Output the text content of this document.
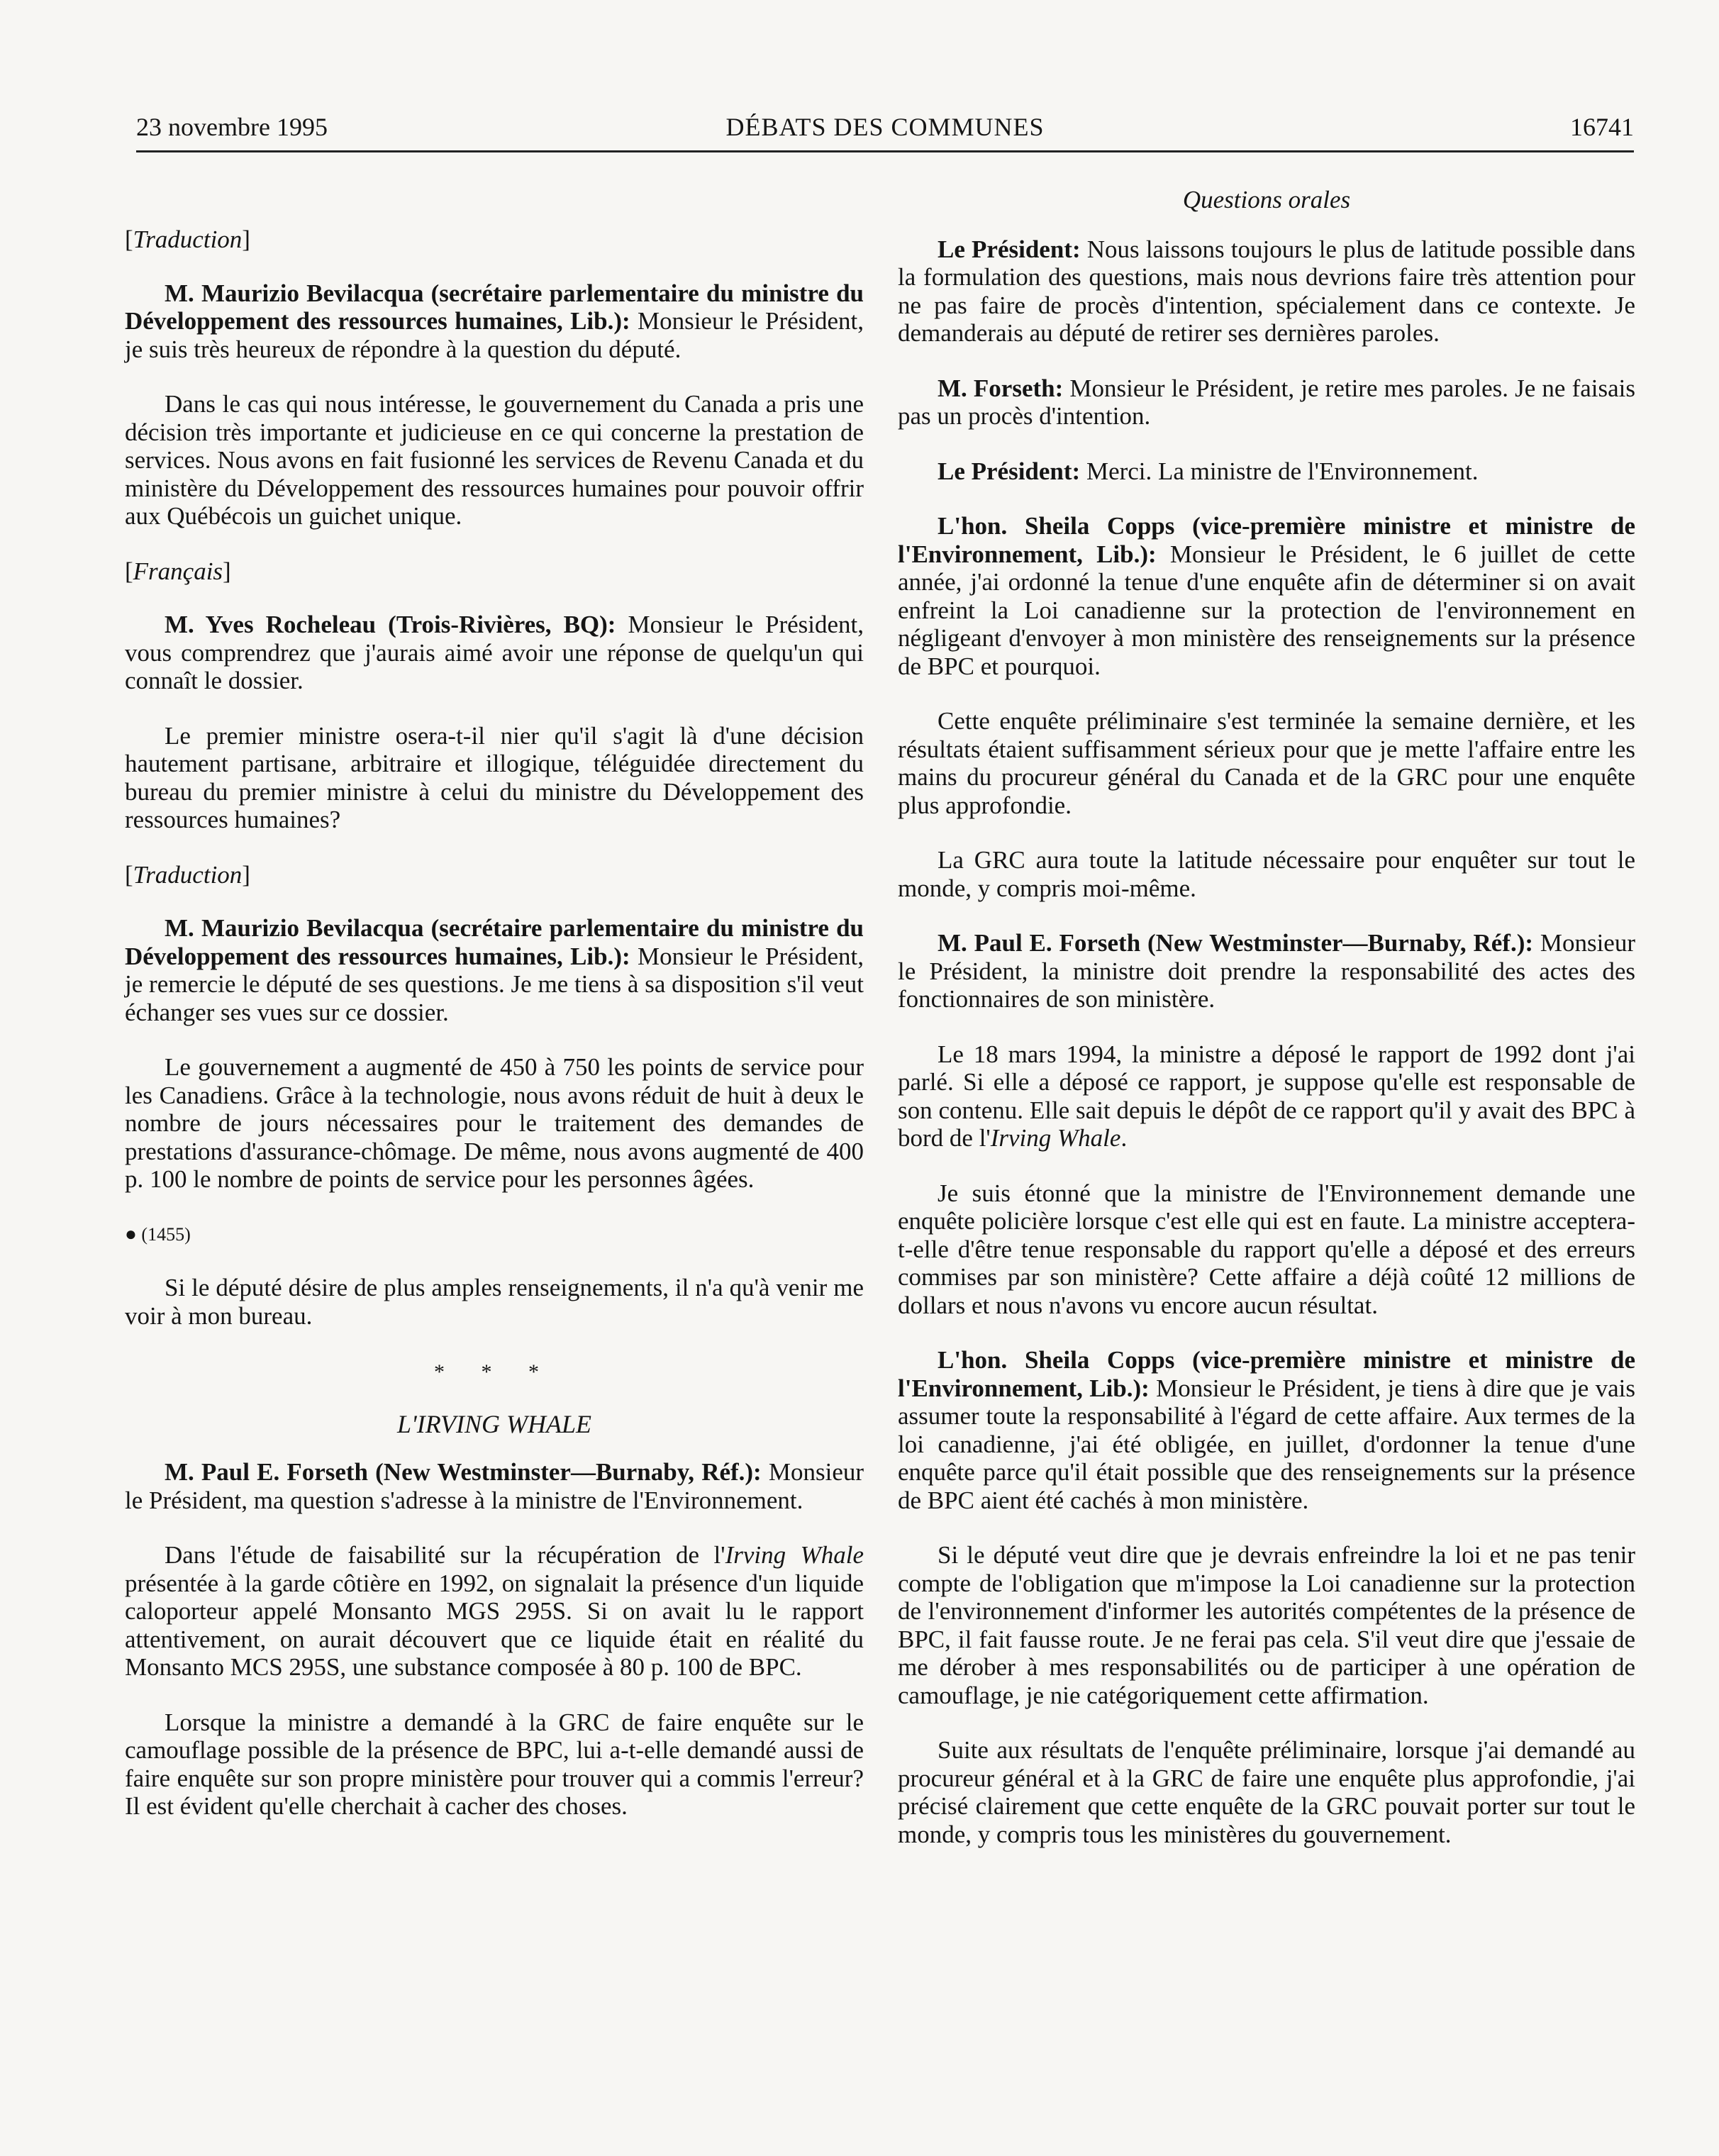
23 novembre 1995	DÉBATS DES COMMUNES	16741
[Traduction]

M. Maurizio Bevilacqua (secrétaire parlementaire du ministre du Développement des ressources humaines, Lib.): Monsieur le Président, je suis très heureux de répondre à la question du député.

Dans le cas qui nous intéresse, le gouvernement du Canada a pris une décision très importante et judicieuse en ce qui concerne la prestation de services. Nous avons en fait fusionné les services de Revenu Canada et du ministère du Développement des ressources humaines pour pouvoir offrir aux Québécois un guichet unique.

[Français]

M. Yves Rocheleau (Trois-Rivières, BQ): Monsieur le Président, vous comprendrez que j'aurais aimé avoir une réponse de quelqu'un qui connaît le dossier.

Le premier ministre osera-t-il nier qu'il s'agit là d'une décision hautement partisane, arbitraire et illogique, téléguidée directement du bureau du premier ministre à celui du ministre du Développement des ressources humaines?

[Traduction]

M. Maurizio Bevilacqua (secrétaire parlementaire du ministre du Développement des ressources humaines, Lib.): Monsieur le Président, je remercie le député de ses questions. Je me tiens à sa disposition s'il veut échanger ses vues sur ce dossier.

Le gouvernement a augmenté de 450 à 750 les points de service pour les Canadiens. Grâce à la technologie, nous avons réduit de huit à deux le nombre de jours nécessaires pour le traitement des demandes de prestations d'assurance-chômage. De même, nous avons augmenté de 400 p. 100 le nombre de points de service pour les personnes âgées.

● (1455)

Si le député désire de plus amples renseignements, il n'a qu'à venir me voir à mon bureau.

* * *
L'IRVING WHALE

M. Paul E. Forseth (New Westminster—Burnaby, Réf.): Monsieur le Président, ma question s'adresse à la ministre de l'Environnement.

Dans l'étude de faisabilité sur la récupération de l'Irving Whale présentée à la garde côtière en 1992, on signalait la présence d'un liquide caloporteur appelé Monsanto MGS 295S. Si on avait lu le rapport attentivement, on aurait découvert que ce liquide était en réalité du Monsanto MCS 295S, une substance composée à 80 p. 100 de BPC.

Lorsque la ministre a demandé à la GRC de faire enquête sur le camouflage possible de la présence de BPC, lui a-t-elle demandé aussi de faire enquête sur son propre ministère pour trouver qui a commis l'erreur? Il est évident qu'elle cherchait à cacher des choses.

Questions orales

Le Président: Nous laissons toujours le plus de latitude possible dans la formulation des questions, mais nous devrions faire très attention pour ne pas faire de procès d'intention, spécialement dans ce contexte. Je demanderais au député de retirer ses dernières paroles.

M. Forseth: Monsieur le Président, je retire mes paroles. Je ne faisais pas un procès d'intention.

Le Président: Merci. La ministre de l'Environnement.

L'hon. Sheila Copps (vice-première ministre et ministre de l'Environnement, Lib.): Monsieur le Président, le 6 juillet de cette année, j'ai ordonné la tenue d'une enquête afin de déterminer si on avait enfreint la Loi canadienne sur la protection de l'environnement en négligeant d'envoyer à mon ministère des renseignements sur la présence de BPC et pourquoi.

Cette enquête préliminaire s'est terminée la semaine dernière, et les résultats étaient suffisamment sérieux pour que je mette l'affaire entre les mains du procureur général du Canada et de la GRC pour une enquête plus approfondie.

La GRC aura toute la latitude nécessaire pour enquêter sur tout le monde, y compris moi-même.

M. Paul E. Forseth (New Westminster—Burnaby, Réf.): Monsieur le Président, la ministre doit prendre la responsabilité des actes des fonctionnaires de son ministère.

Le 18 mars 1994, la ministre a déposé le rapport de 1992 dont j'ai parlé. Si elle a déposé ce rapport, je suppose qu'elle est responsable de son contenu. Elle sait depuis le dépôt de ce rapport qu'il y avait des BPC à bord de l'Irving Whale.

Je suis étonné que la ministre de l'Environnement demande une enquête policière lorsque c'est elle qui est en faute. La ministre acceptera-t-elle d'être tenue responsable du rapport qu'elle a déposé et des erreurs commises par son ministère? Cette affaire a déjà coûté 12 millions de dollars et nous n'avons vu encore aucun résultat.

L'hon. Sheila Copps (vice-première ministre et ministre de l'Environnement, Lib.): Monsieur le Président, je tiens à dire que je vais assumer toute la responsabilité à l'égard de cette affaire. Aux termes de la loi canadienne, j'ai été obligée, en juillet, d'ordonner la tenue d'une enquête parce qu'il était possible que des renseignements sur la présence de BPC aient été cachés à mon ministère.

Si le député veut dire que je devrais enfreindre la loi et ne pas tenir compte de l'obligation que m'impose la Loi canadienne sur la protection de l'environnement d'informer les autorités compétentes de la présence de BPC, il fait fausse route. Je ne ferai pas cela. S'il veut dire que j'essaie de me dérober à mes responsabilités ou de participer à une opération de camouflage, je nie catégoriquement cette affirmation.

Suite aux résultats de l'enquête préliminaire, lorsque j'ai demandé au procureur général et à la GRC de faire une enquête plus approfondie, j'ai précisé clairement que cette enquête de la GRC pouvait porter sur tout le monde, y compris tous les ministères du gouvernement.
